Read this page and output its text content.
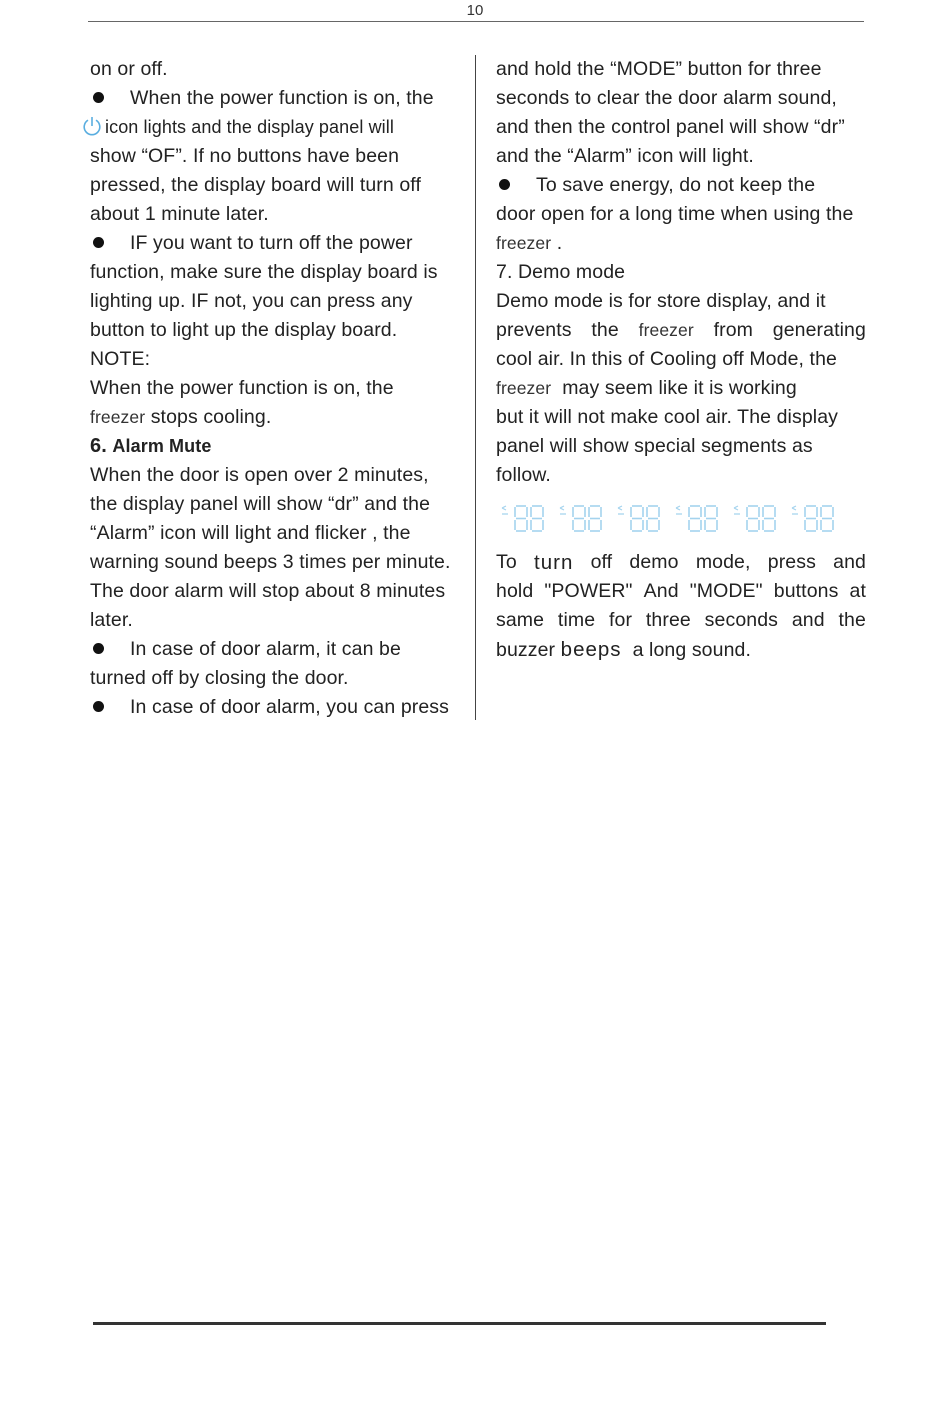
10
on or off.
When the power function is on, the
icon lights and the display panel will
show “OF”. If no buttons have been
pressed, the display board will turn off
about 1 minute later.
IF you want to turn off the power
function, make sure the display board is
lighting up. IF not, you can press any
button to light up the display board.
NOTE:
When the power function is on, the
freezer stops cooling.
6. Alarm Mute
When the door is open over 2 minutes,
the display panel will show “dr” and the
“Alarm” icon will light and flicker , the
warning sound beeps 3 times per minute.
The door alarm will stop about 8 minutes
later.
In case of door alarm, it can be
turned off by closing the door.
In case of door alarm, you can press
and hold the “MODE” button for three
seconds to clear the door alarm sound,
and then the control panel will show “dr”
and the “Alarm” icon will light.
To save energy, do not keep the
door open for a long time when using the
freezer .
7. Demo mode
Demo mode is for store display, and it
prevents the freezer from generating
cool air. In this of Cooling off Mode, the
freezer may seem like it is working
but it will not make cool air. The display
panel will show special segments as
follow.
To turn off demo mode, press and
hold "POWER" And "MODE" buttons at
same time for three seconds and the
buzzer beeps a long sound.
